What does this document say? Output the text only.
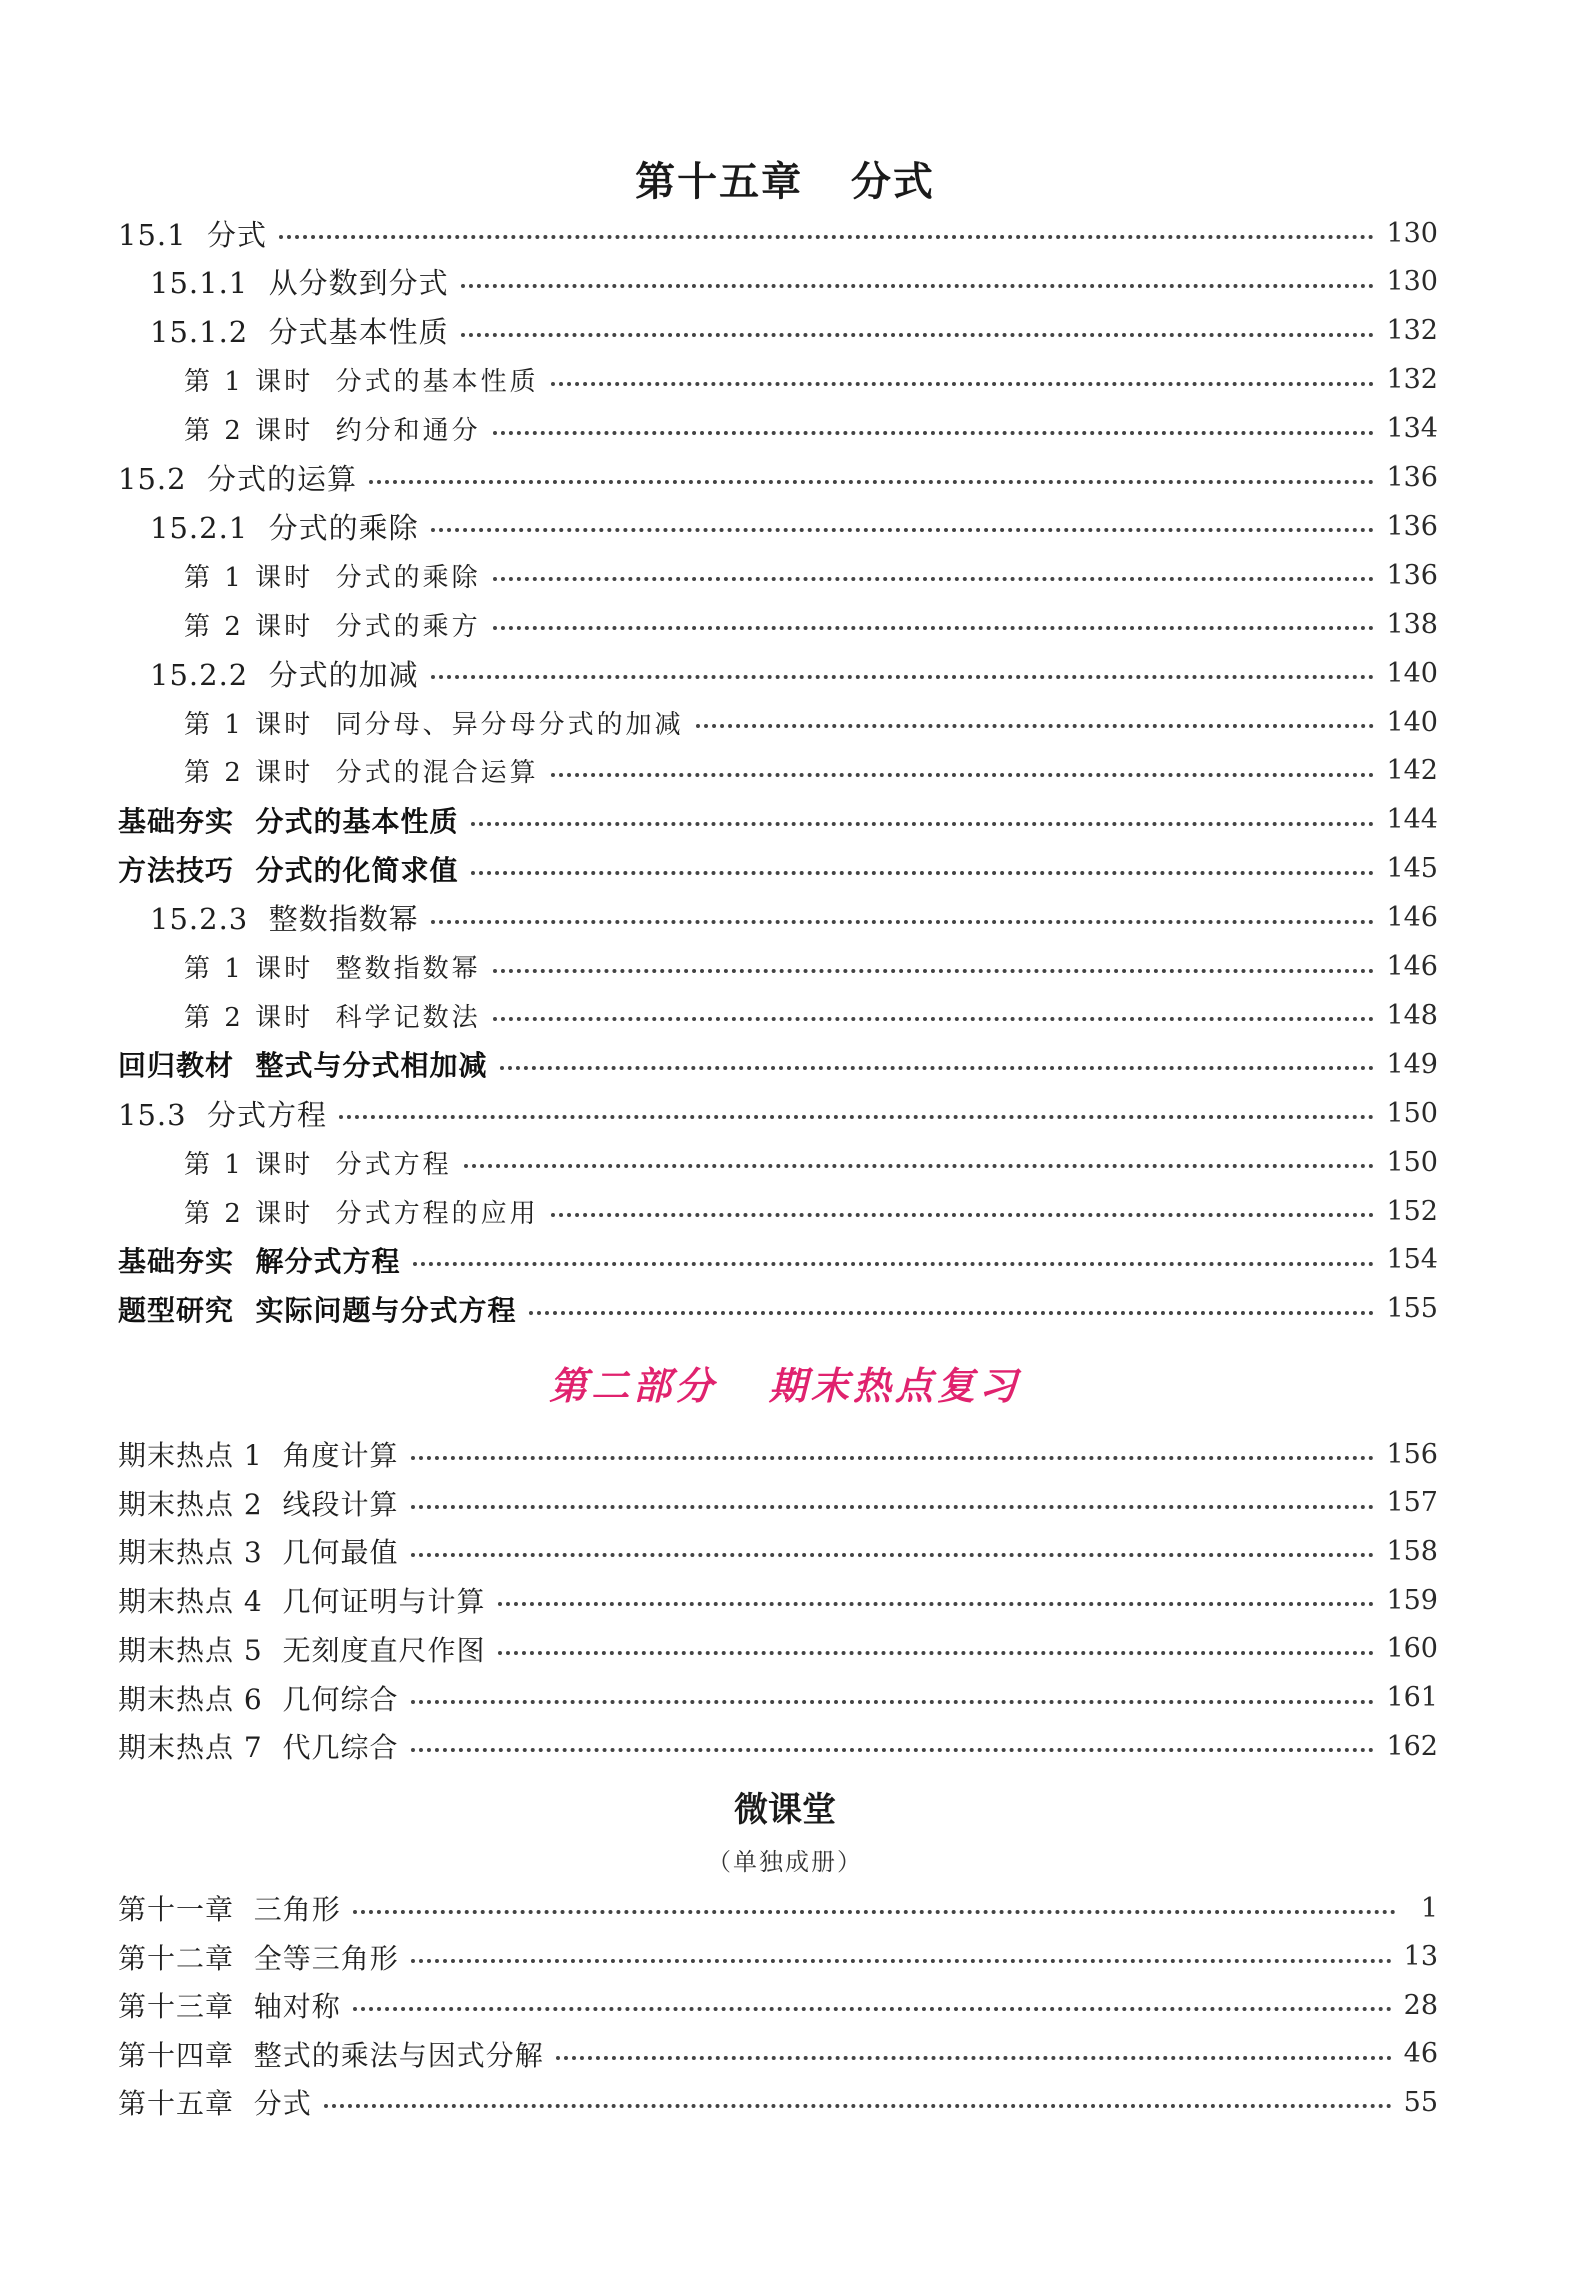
第十五章   分式
15.1  分式	130
15.1.1  从分数到分式	130
15.1.2  分式基本性质	132
第 1 课时  分式的基本性质	132
第 2 课时  约分和通分	134
15.2  分式的运算	136
15.2.1  分式的乘除	136
第 1 课时  分式的乘除	136
第 2 课时  分式的乘方	138
15.2.2  分式的加减	140
第 1 课时  同分母、异分母分式的加减	140
第 2 课时  分式的混合运算	142
基础夯实  分式的基本性质	144
方法技巧  分式的化简求值	145
15.2.3  整数指数幂	146
第 1 课时  整数指数幂	146
第 2 课时  科学记数法	148
回归教材  整式与分式相加减	149
15.3  分式方程	150
第 1 课时  分式方程	150
第 2 课时  分式方程的应用	152
基础夯实  解分式方程	154
题型研究  实际问题与分式方程	155
第二部分   期末热点复习
期末热点 1  角度计算	156
期末热点 2  线段计算	157
期末热点 3  几何最值	158
期末热点 4  几何证明与计算	159
期末热点 5  无刻度直尺作图	160
期末热点 6  几何综合	161
期末热点 7  代几综合	162
微课堂
（单独成册）
第十一章  三角形	1
第十二章  全等三角形	13
第十三章  轴对称	28
第十四章  整式的乘法与因式分解	46
第十五章  分式	55
